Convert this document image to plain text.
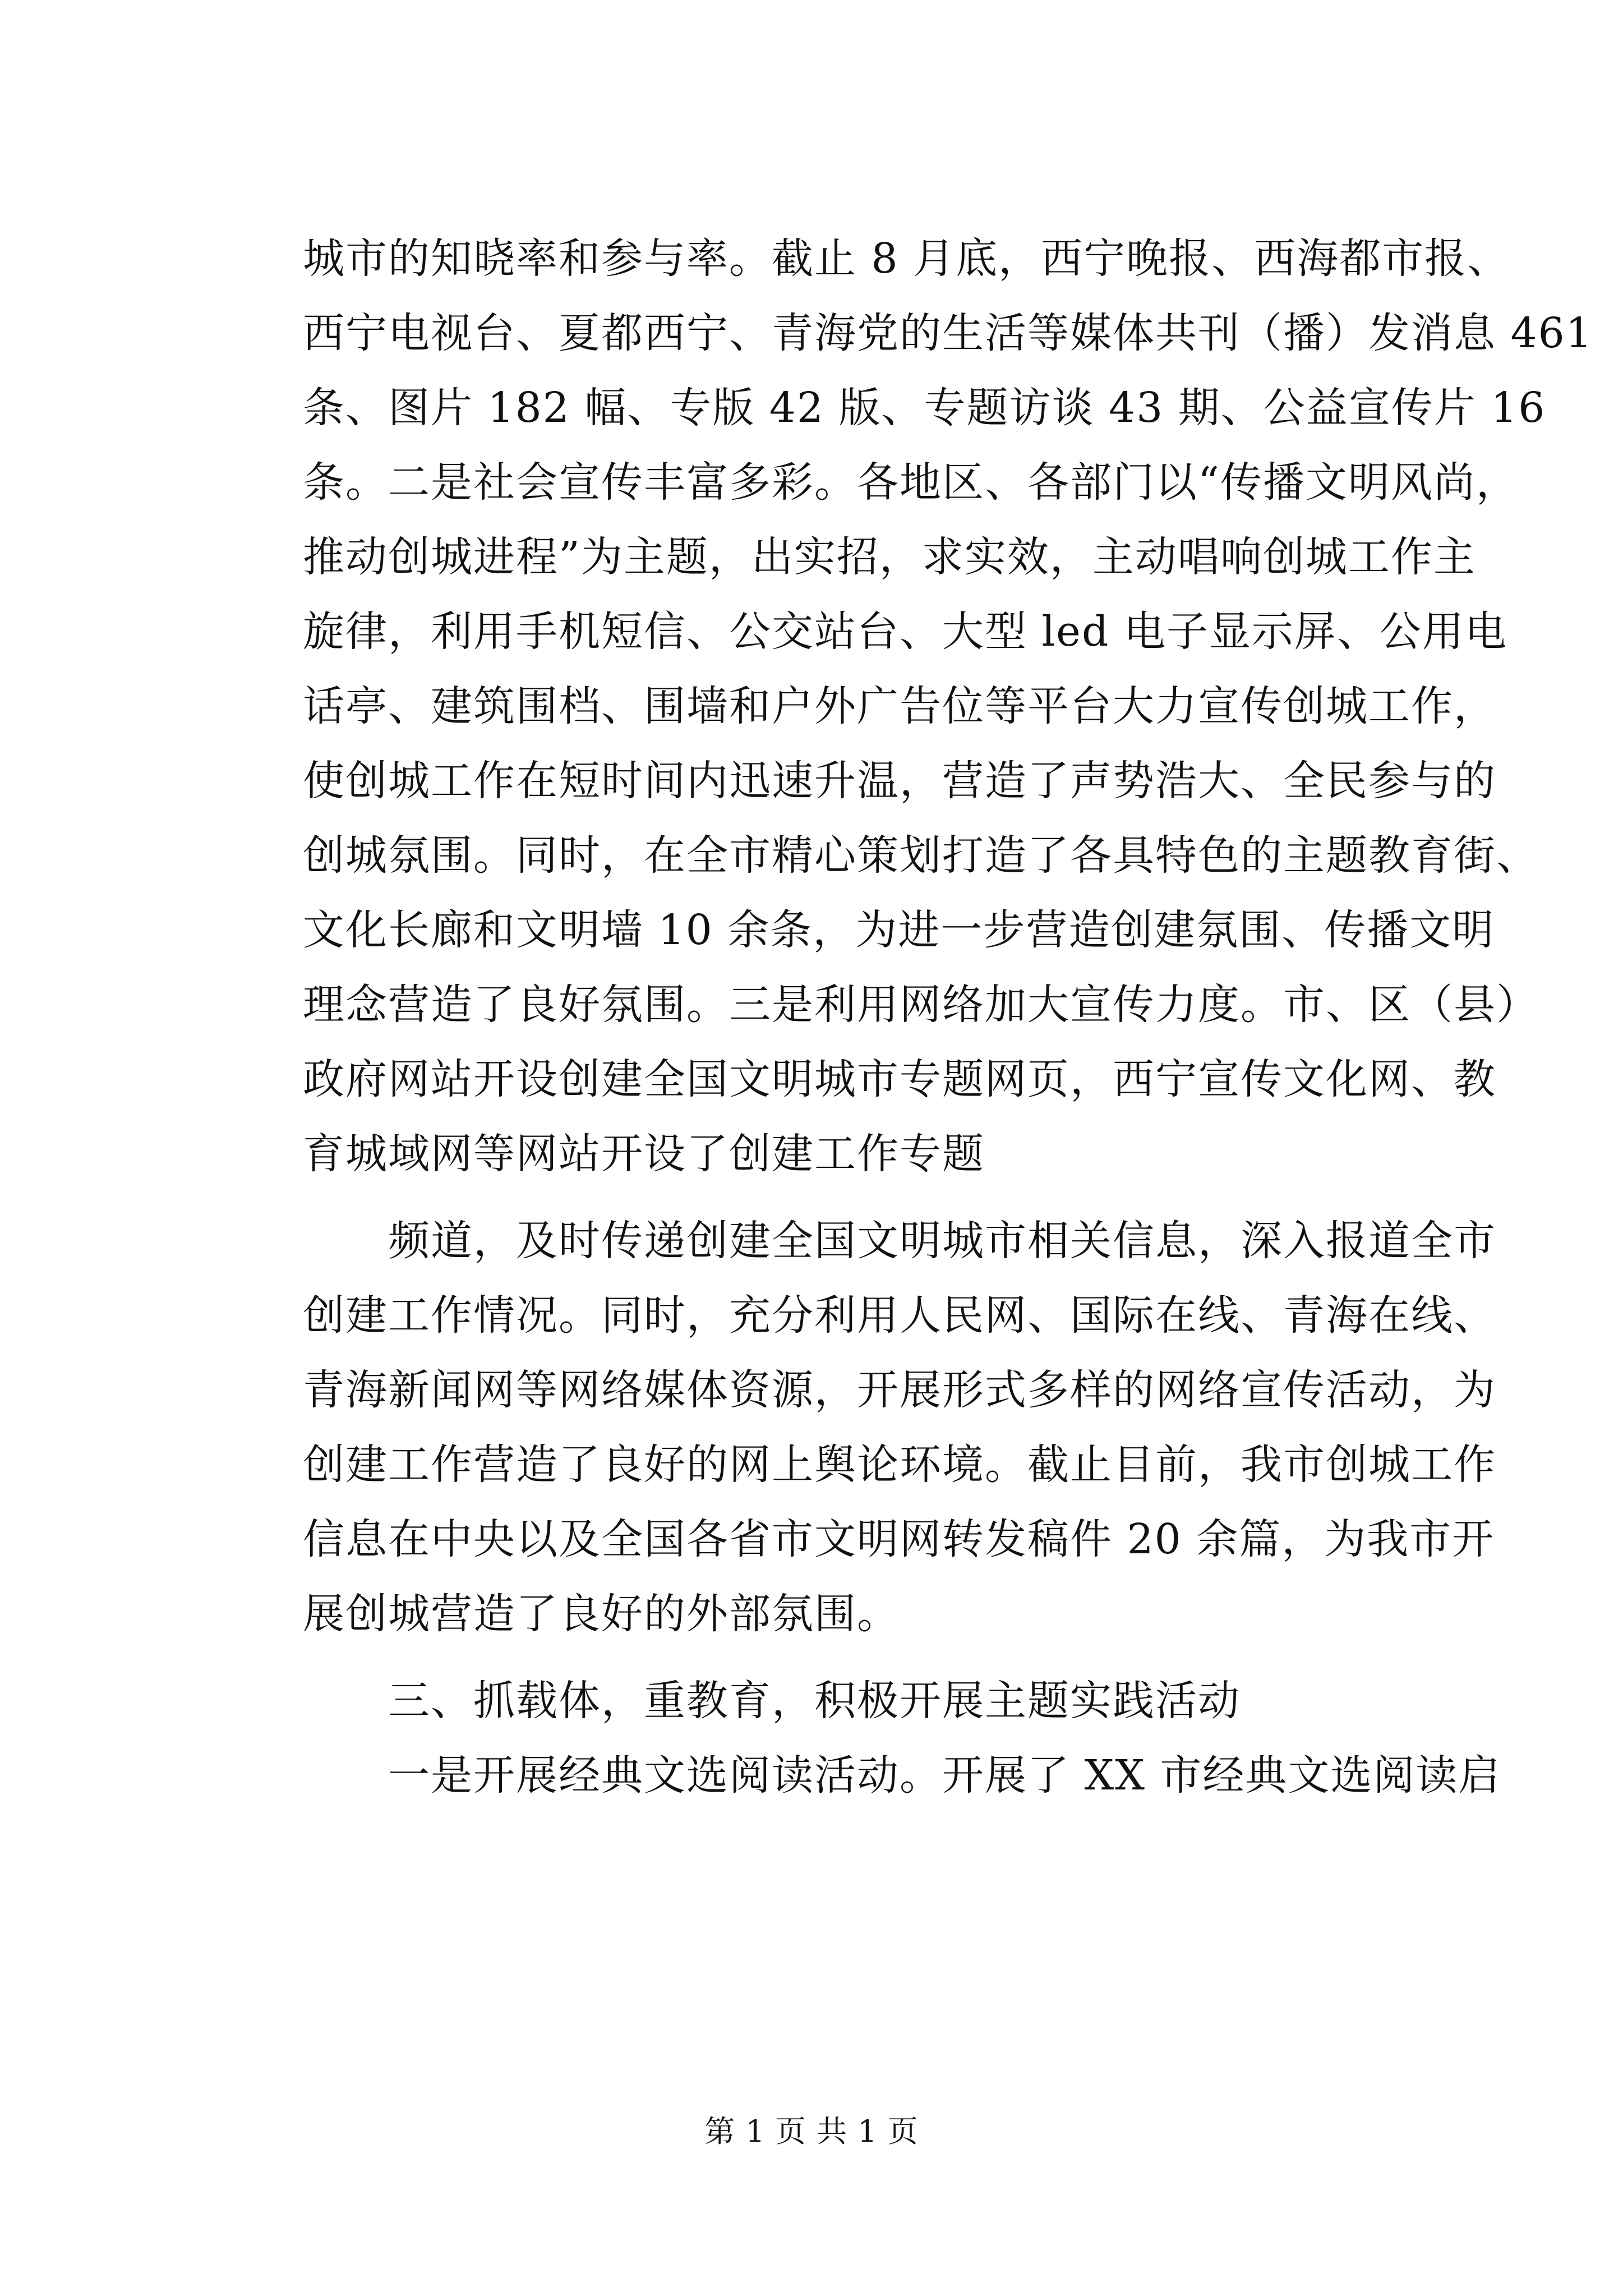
城市的知晓率和参与率。截止 8 月底，西宁晚报、西海都市报、
西宁电视台、夏都西宁、青海党的生活等媒体共刊（播）发消息 461
条、图片 182 幅、专版 42 版、专题访谈 43 期、公益宣传片 16
条。二是社会宣传丰富多彩。各地区、各部门以“传播文明风尚，
推动创城进程”为主题，出实招，求实效，主动唱响创城工作主
旋律，利用手机短信、公交站台、大型 led 电子显示屏、公用电
话亭、建筑围档、围墙和户外广告位等平台大力宣传创城工作，
使创城工作在短时间内迅速升温，营造了声势浩大、全民参与的
创城氛围。同时，在全市精心策划打造了各具特色的主题教育街、
文化长廊和文明墙 10 余条，为进一步营造创建氛围、传播文明
理念营造了良好氛围。三是利用网络加大宣传力度。市、区（县）
政府网站开设创建全国文明城市专题网页，西宁宣传文化网、教
育城域网等网站开设了创建工作专题
　　频道，及时传递创建全国文明城市相关信息，深入报道全市
创建工作情况。同时，充分利用人民网、国际在线、青海在线、
青海新闻网等网络媒体资源，开展形式多样的网络宣传活动，为
创建工作营造了良好的网上舆论环境。截止目前，我市创城工作
信息在中央以及全国各省市文明网转发稿件 20 余篇，为我市开
展创城营造了良好的外部氛围。
　　三、抓载体，重教育，积极开展主题实践活动
　　一是开展经典文选阅读活动。开展了 XX 市经典文选阅读启
第 1 页 共 1 页
